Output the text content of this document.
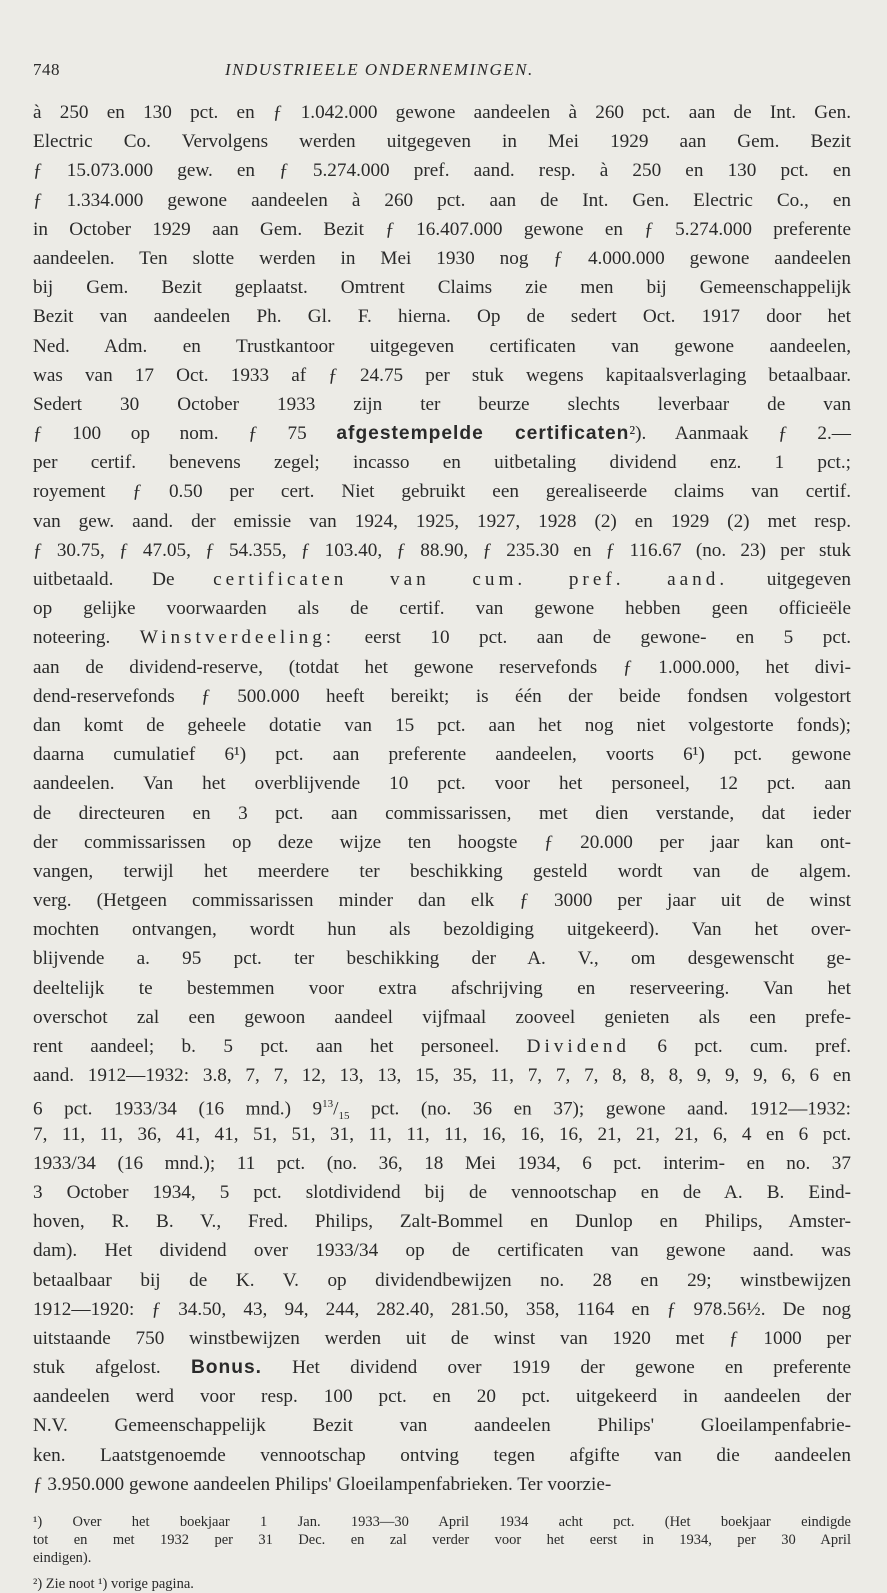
748	INDUSTRIEELE ONDERNEMINGEN.
à 250 en 130 pct. en ƒ 1.042.000 gewone aandeelen à 260 pct. aan de Int. Gen.
Electric Co. Vervolgens werden uitgegeven in Mei 1929 aan Gem. Bezit
ƒ 15.073.000 gew. en ƒ 5.274.000 pref. aand. resp. à 250 en 130 pct. en
ƒ 1.334.000 gewone aandeelen à 260 pct. aan de Int. Gen. Electric Co., en
in October 1929 aan Gem. Bezit ƒ 16.407.000 gewone en ƒ 5.274.000 preferente
aandeelen. Ten slotte werden in Mei 1930 nog ƒ 4.000.000 gewone aandeelen
bij Gem. Bezit geplaatst. Omtrent Claims zie men bij Gemeenschappelijk
Bezit van aandeelen Ph. Gl. F. hierna. Op de sedert Oct. 1917 door het
Ned. Adm. en Trustkantoor uitgegeven certificaten van gewone aandeelen,
was van 17 Oct. 1933 af ƒ 24.75 per stuk wegens kapitaalsverlaging betaalbaar.
Sedert 30 October 1933 zijn ter beurze slechts leverbaar de van
ƒ 100 op nom. ƒ 75 afgestempelde certificaten²). Aanmaak ƒ 2.—
per certif. benevens zegel; incasso en uitbetaling dividend enz. 1 pct.;
royement ƒ 0.50 per cert. Niet gebruikt een gerealiseerde claims van certif.
van gew. aand. der emissie van 1924, 1925, 1927, 1928 (2) en 1929 (2) met resp.
ƒ 30.75, ƒ 47.05, ƒ 54.355, ƒ 103.40, ƒ 88.90, ƒ 235.30 en ƒ 116.67 (no. 23) per stuk
uitbetaald. De certificaten van cum. pref. aand. uitgegeven
op gelijke voorwaarden als de certif. van gewone hebben geen officieële
noteering. Winstverdeeling: eerst 10 pct. aan de gewone- en 5 pct.
aan de dividend-reserve, (totdat het gewone reservefonds ƒ 1.000.000, het divi-
dend-reservefonds ƒ 500.000 heeft bereikt; is één der beide fondsen volgestort
dan komt de geheele dotatie van 15 pct. aan het nog niet volgestorte fonds);
daarna cumulatief 6¹) pct. aan preferente aandeelen, voorts 6¹) pct. gewone
aandeelen. Van het overblijvende 10 pct. voor het personeel, 12 pct. aan
de directeuren en 3 pct. aan commissarissen, met dien verstande, dat ieder
der commissarissen op deze wijze ten hoogste ƒ 20.000 per jaar kan ont-
vangen, terwijl het meerdere ter beschikking gesteld wordt van de algem.
verg. (Hetgeen commissarissen minder dan elk ƒ 3000 per jaar uit de winst
mochten ontvangen, wordt hun als bezoldiging uitgekeerd). Van het over-
blijvende a. 95 pct. ter beschikking der A. V., om desgewenscht ge-
deeltelijk te bestemmen voor extra afschrijving en reserveering. Van het
overschot zal een gewoon aandeel vijfmaal zooveel genieten als een prefe-
rent aandeel; b. 5 pct. aan het personeel. Dividend 6 pct. cum. pref.
aand. 1912—1932: 3.8, 7, 7, 12, 13, 13, 15, 35, 11, 7, 7, 7, 8, 8, 8, 9, 9, 9, 6, 6 en
6 pct. 1933/34 (16 mnd.) $9^{13}/_{15}$ pct. (no. 36 en 37); gewone aand. 1912—1932:
7, 11, 11, 36, 41, 41, 51, 51, 31, 11, 11, 11, 16, 16, 16, 21, 21, 21, 6, 4 en 6 pct.
1933/34 (16 mnd.); 11 pct. (no. 36, 18 Mei 1934, 6 pct. interim- en no. 37
3 October 1934, 5 pct. slotdividend bij de vennootschap en de A. B. Eind-
hoven, R. B. V., Fred. Philips, Zalt-Bommel en Dunlop en Philips, Amster-
dam). Het dividend over 1933/34 op de certificaten van gewone aand. was
betaalbaar bij de K. V. op dividendbewijzen no. 28 en 29; winstbewijzen
1912—1920: ƒ 34.50, 43, 94, 244, 282.40, 281.50, 358, 1164 en ƒ 978.56½. De nog
uitstaande 750 winstbewijzen werden uit de winst van 1920 met ƒ 1000 per
stuk afgelost. Bonus. Het dividend over 1919 der gewone en preferente
aandeelen werd voor resp. 100 pct. en 20 pct. uitgekeerd in aandeelen der
N.V. Gemeenschappelijk Bezit van aandeelen Philips' Gloeilampenfabrie-
ken. Laatstgenoemde vennootschap ontving tegen afgifte van die aandeelen
ƒ 3.950.000 gewone aandeelen Philips' Gloeilampenfabrieken. Ter voorzie-
¹) Over het boekjaar 1 Jan. 1933—30 April 1934 acht pct. (Het boekjaar eindigde
tot en met 1932 per 31 Dec. en zal verder voor het eerst in 1934, per 30 April
eindigen).
²) Zie noot ¹) vorige pagina.
